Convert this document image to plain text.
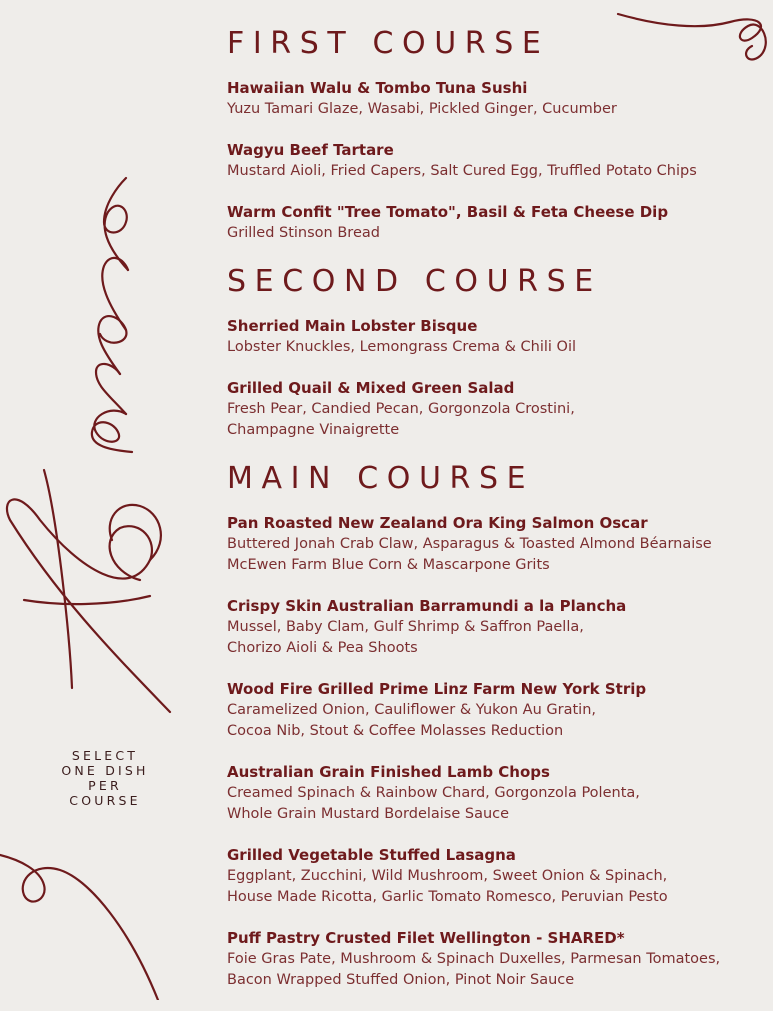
FIRST COURSE
Hawaiian Walu & Tombo Tuna Sushi
Yuzu Tamari Glaze, Wasabi, Pickled Ginger, Cucumber
Wagyu Beef Tartare
Mustard Aioli, Fried Capers, Salt Cured Egg, Truffled Potato Chips
Warm Confit "Tree Tomato", Basil & Feta Cheese Dip
Grilled Stinson Bread
SECOND COURSE
Sherried Main Lobster Bisque
Lobster Knuckles, Lemongrass Crema & Chili Oil
Grilled Quail & Mixed Green Salad
Fresh Pear, Candied Pecan, Gorgonzola Crostini,
Champagne Vinaigrette
MAIN COURSE
Pan Roasted New Zealand Ora King Salmon Oscar
Buttered Jonah Crab Claw, Asparagus & Toasted Almond Béarnaise
McEwen Farm Blue Corn & Mascarpone Grits
Crispy Skin Australian Barramundi a la Plancha
Mussel, Baby Clam, Gulf Shrimp & Saffron Paella,
Chorizo Aioli & Pea Shoots
Wood Fire Grilled Prime Linz Farm New York Strip
Caramelized Onion, Cauliflower & Yukon Au Gratin,
Cocoa Nib, Stout & Coffee Molasses Reduction
Australian Grain Finished Lamb Chops
Creamed Spinach & Rainbow Chard, Gorgonzola Polenta,
Whole Grain Mustard Bordelaise Sauce
Grilled Vegetable Stuffed Lasagna
Eggplant, Zucchini, Wild Mushroom, Sweet Onion & Spinach,
House Made Ricotta, Garlic Tomato Romesco, Peruvian Pesto
Puff Pastry Crusted Filet Wellington - SHARED*
Foie Gras Pate, Mushroom & Spinach Duxelles, Parmesan Tomatoes,
Bacon Wrapped Stuffed Onion, Pinot Noir Sauce
SELECT
ONE DISH
PER
COURSE
